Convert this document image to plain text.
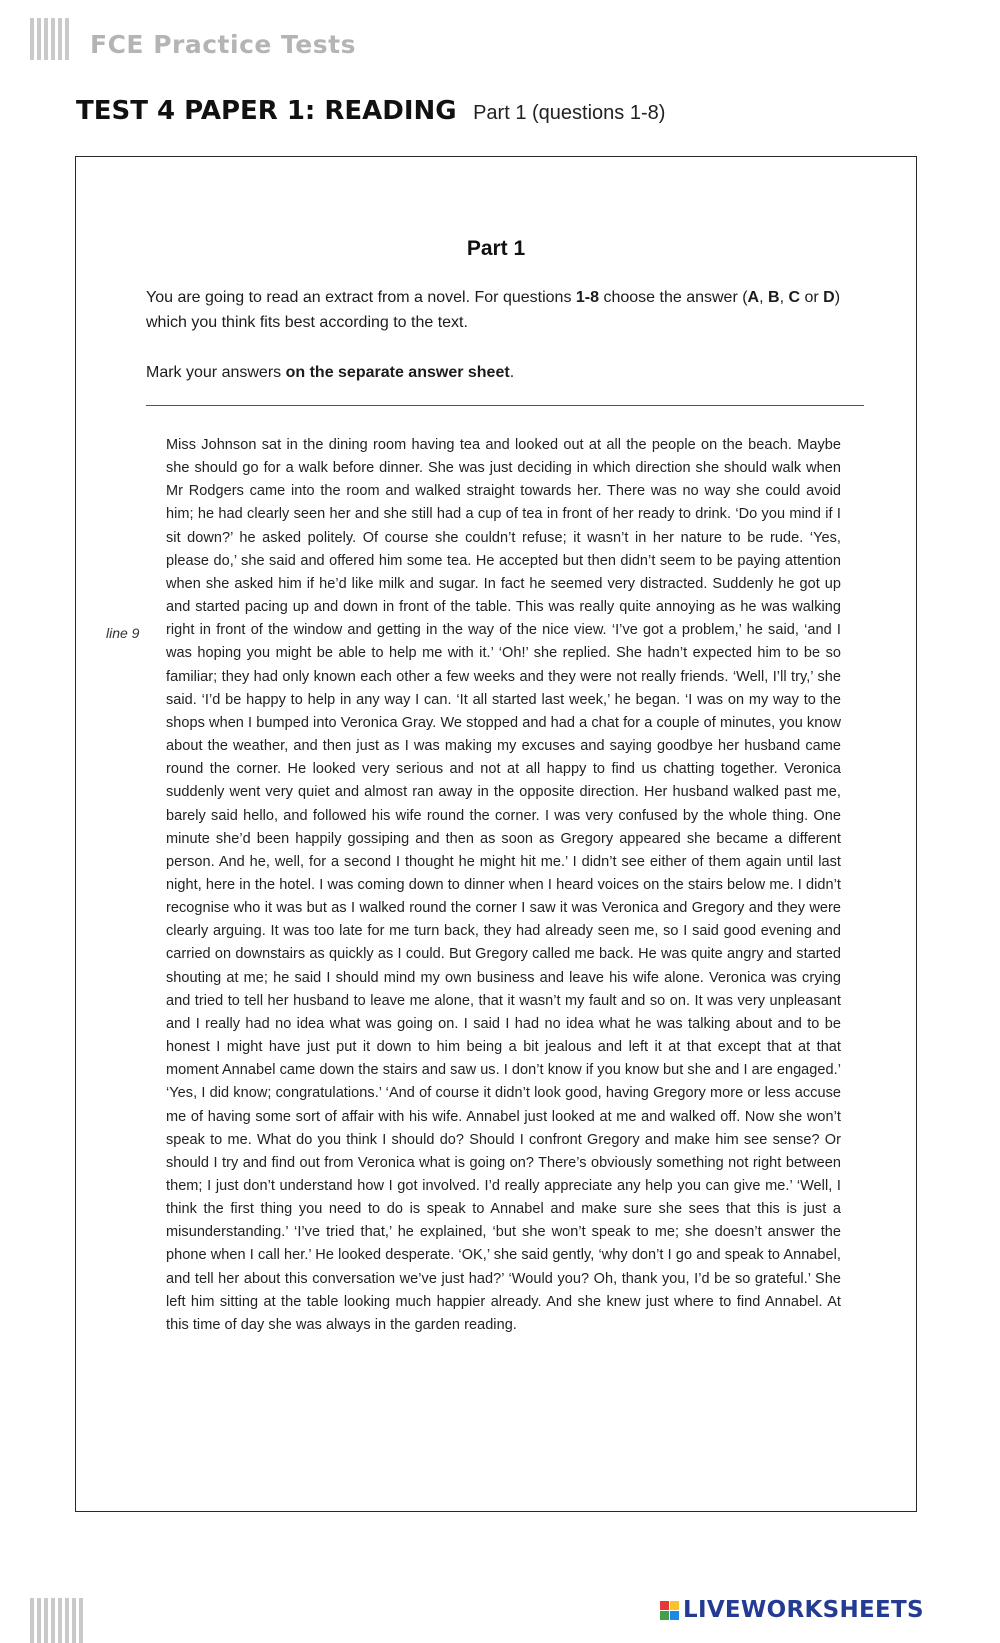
FCE Practice Tests
TEST 4 PAPER 1: READING Part 1 (questions 1-8)
Part 1
You are going to read an extract from a novel. For questions 1-8 choose the answer (A, B, C or D) which you think fits best according to the text.
Mark your answers on the separate answer sheet.
line 9
Miss Johnson sat in the dining room having tea and looked out at all the people on the beach. Maybe she should go for a walk before dinner. She was just deciding in which direction she should walk when Mr Rodgers came into the room and walked straight towards her. There was no way she could avoid him; he had clearly seen her and she still had a cup of tea in front of her ready to drink. ‘Do you mind if I sit down?’ he asked politely. Of course she couldn’t refuse; it wasn’t in her nature to be rude. ‘Yes, please do,’ she said and offered him some tea. He accepted but then didn’t seem to be paying attention when she asked him if he’d like milk and sugar. In fact he seemed very distracted. Suddenly he got up and started pacing up and down in front of the table. This was really quite annoying as he was walking right in front of the window and getting in the way of the nice view. ‘I’ve got a problem,’ he said, ‘and I was hoping you might be able to help me with it.’ ‘Oh!’ she replied. She hadn’t expected him to be so familiar; they had only known each other a few weeks and they were not really friends. ‘Well, I’ll try,’ she said. ‘I’d be happy to help in any way I can. ‘It all started last week,’ he began. ‘I was on my way to the shops when I bumped into Veronica Gray. We stopped and had a chat for a couple of minutes, you know about the weather, and then just as I was making my excuses and saying goodbye her husband came round the corner. He looked very serious and not at all happy to find us chatting together. Veronica suddenly went very quiet and almost ran away in the opposite direction. Her husband walked past me, barely said hello, and followed his wife round the corner. I was very confused by the whole thing. One minute she’d been happily gossiping and then as soon as Gregory appeared she became a different person. And he, well, for a second I thought he might hit me.’ I didn’t see either of them again until last night, here in the hotel. I was coming down to dinner when I heard voices on the stairs below me. I didn’t recognise who it was but as I walked round the corner I saw it was Veronica and Gregory and they were clearly arguing. It was too late for me turn back, they had already seen me, so I said good evening and carried on downstairs as quickly as I could. But Gregory called me back. He was quite angry and started shouting at me; he said I should mind my own business and leave his wife alone. Veronica was crying and tried to tell her husband to leave me alone, that it wasn’t my fault and so on. It was very unpleasant and I really had no idea what was going on. I said I had no idea what he was talking about and to be honest I might have just put it down to him being a bit jealous and left it at that except that at that moment Annabel came down the stairs and saw us. I don’t know if you know but she and I are engaged.’ ‘Yes, I did know; congratulations.’ ‘And of course it didn’t look good, having Gregory more or less accuse me of having some sort of affair with his wife. Annabel just looked at me and walked off. Now she won’t speak to me. What do you think I should do? Should I confront Gregory and make him see sense? Or should I try and find out from Veronica what is going on? There’s obviously something not right between them; I just don’t understand how I got involved. I’d really appreciate any help you can give me.’ ‘Well, I think the first thing you need to do is speak to Annabel and make sure she sees that this is just a misunderstanding.’ ‘I’ve tried that,’ he explained, ‘but she won’t speak to me; she doesn’t answer the phone when I call her.’ He looked desperate. ‘OK,’ she said gently, ‘why don’t I go and speak to Annabel, and tell her about this conversation we’ve just had?’ ‘Would you? Oh, thank you, I’d be so grateful.’ She left him sitting at the table looking much happier already. And she knew just where to find Annabel. At this time of day she was always in the garden reading.
LIVEWORKSHEETS
